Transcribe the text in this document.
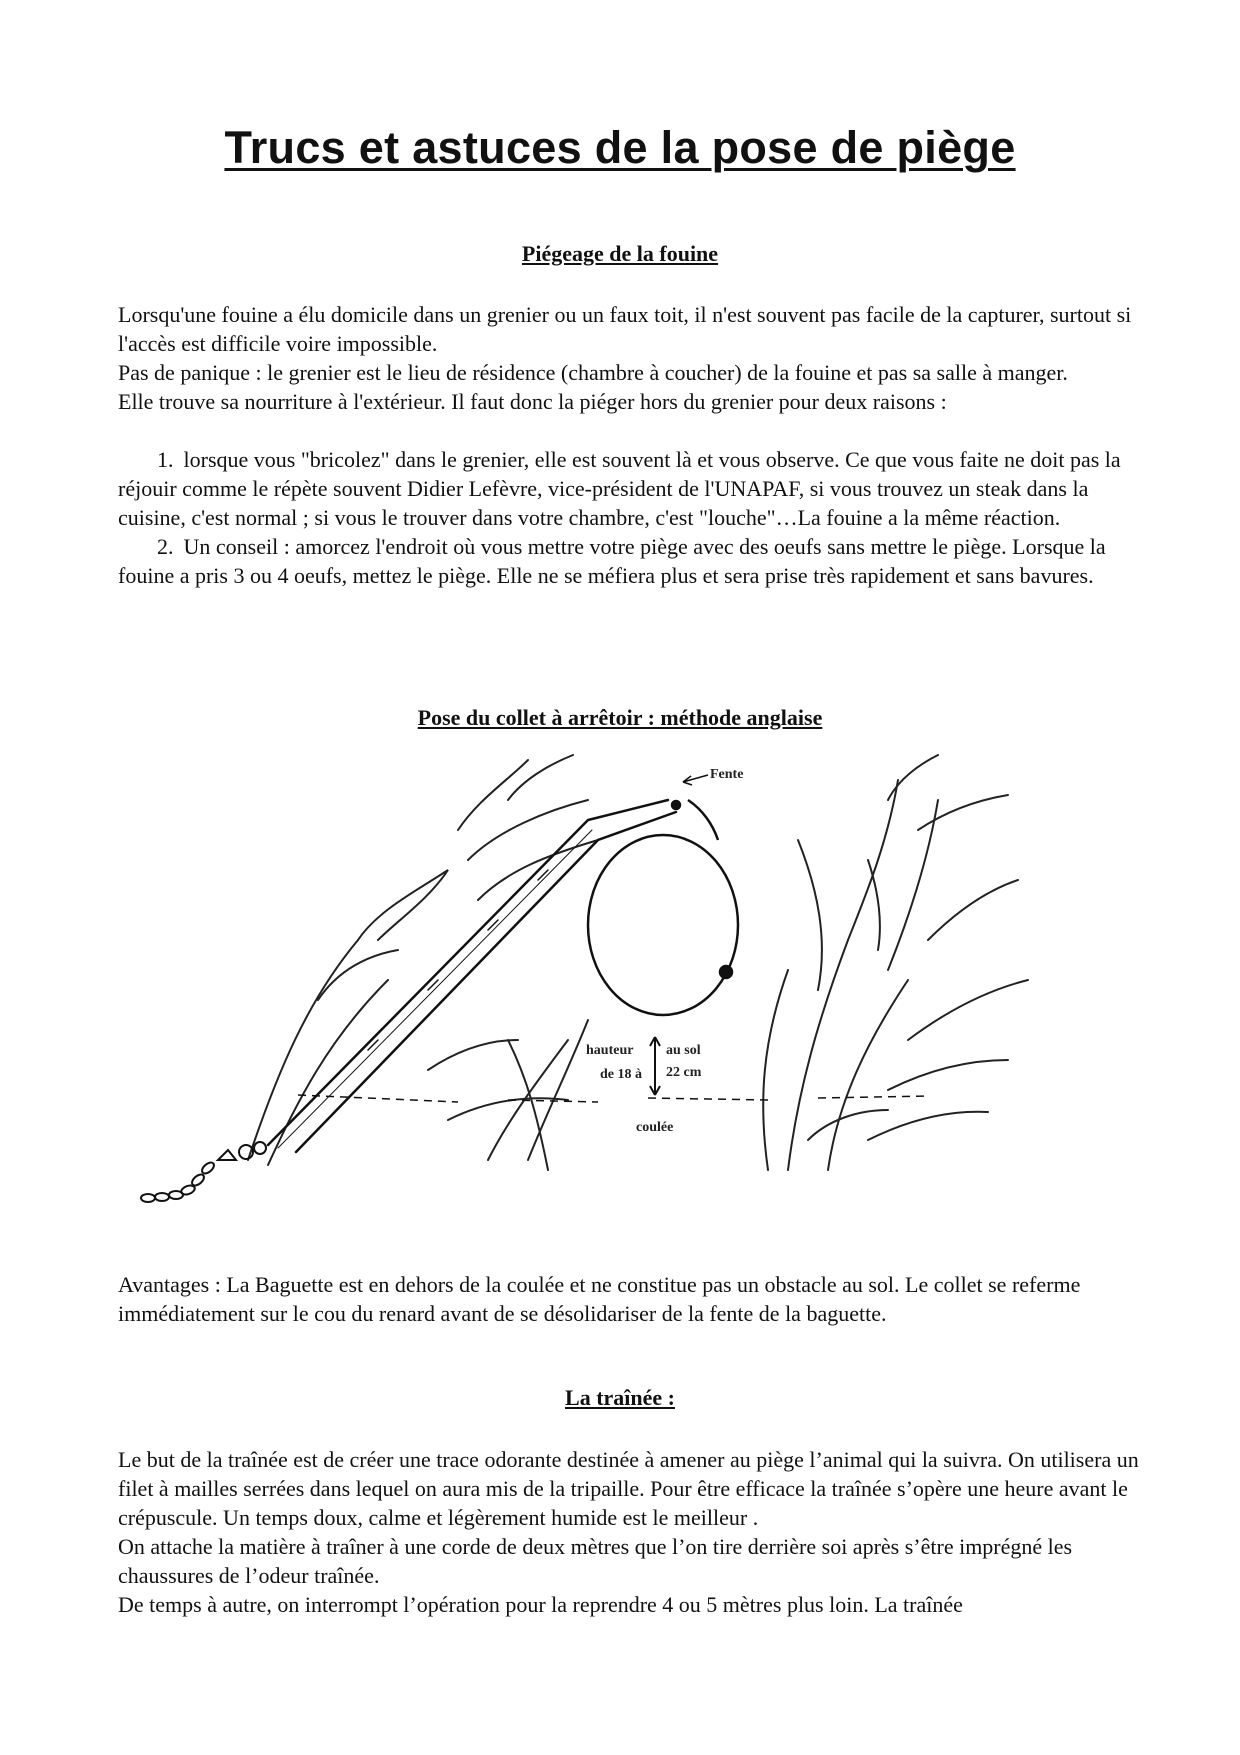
Trucs et astuces de la pose de piège
Piégeage de la fouine

Lorsqu'une fouine a élu domicile dans un grenier ou un faux toit, il n'est souvent pas facile de la capturer, surtout si l'accès est difficile voire impossible.

Pas de panique : le grenier est le lieu de résidence (chambre à coucher) de la fouine et pas sa salle à manger.

Elle trouve sa nourriture à l'extérieur. Il faut donc la piéger hors du grenier pour deux raisons :

1. lorsque vous "bricolez" dans le grenier, elle est souvent là et vous observe. Ce que vous faite ne doit pas la réjouir comme le répète souvent Didier Lefèvre, vice-président de l'UNAPAF, si vous trouvez un steak dans la cuisine, c'est normal ; si vous le trouver dans votre chambre, c'est "louche"…La fouine a la même réaction.

2. Un conseil : amorcez l'endroit où vous mettre votre piège avec des oeufs sans mettre le piège. Lorsque la fouine a pris 3 ou 4 oeufs, mettez le piège. Elle ne se méfiera plus et sera prise très rapidement et sans bavures.

Pose du collet à arrêtoir : méthode anglaise
Fente
hauteur
de 18 à
au sol
22 cm
coulée

Avantages : La Baguette est en dehors de la coulée et ne constitue pas un obstacle au sol. Le collet se referme immédiatement sur le cou du renard avant de se désolidariser de la fente de la baguette.

La traînée :

Le but de la traînée est de créer une trace odorante destinée à amener au piège l’animal qui la suivra. On utilisera un filet à mailles serrées dans lequel on aura mis de la tripaille. Pour être efficace la traînée s’opère une heure avant le crépuscule. Un temps doux, calme et légèrement humide est le meilleur .

On attache la matière à traîner à une corde de deux mètres que l’on tire derrière soi après s’être imprégné les chaussures de l’odeur traînée.

De temps à autre, on interrompt l’opération pour la reprendre 4 ou 5 mètres plus loin. La traînée
